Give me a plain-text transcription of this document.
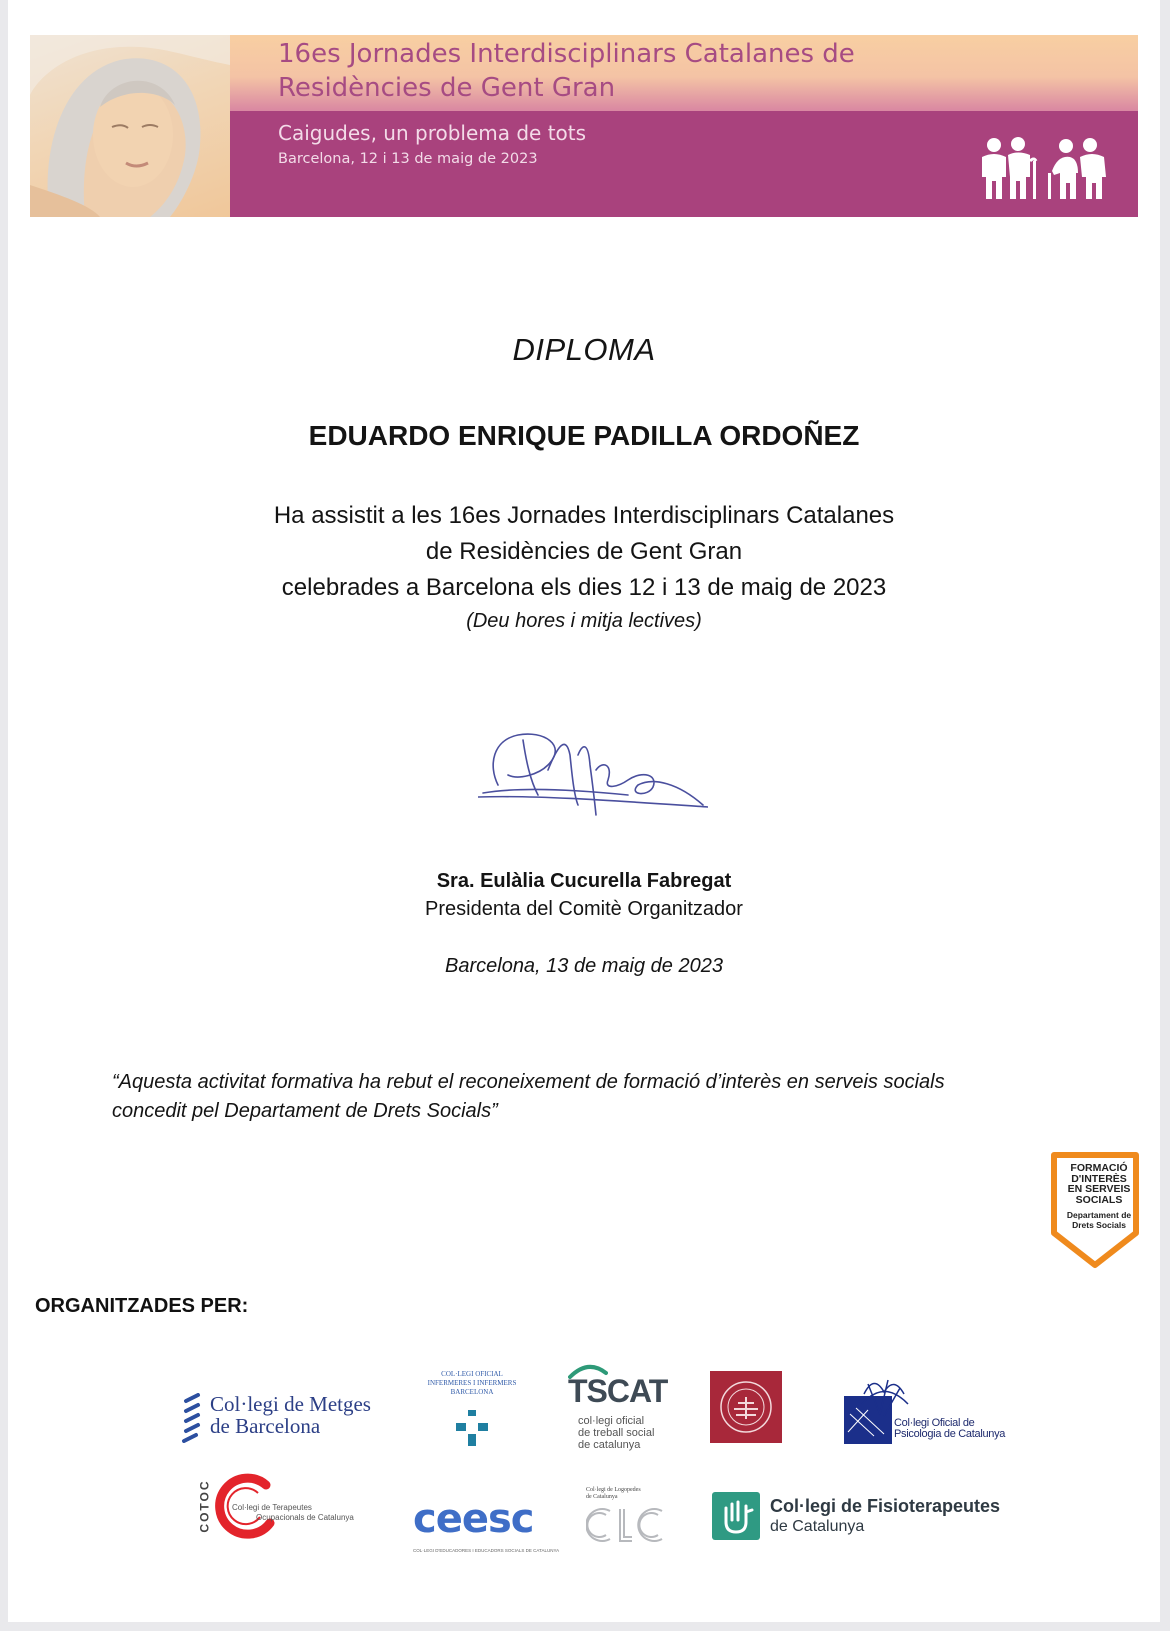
16es Jornades Interdisciplinars Catalanes de
Residències de Gent Gran
Caigudes, un problema de tots
Barcelona, 12 i 13 de maig de 2023
DIPLOMA
EDUARDO ENRIQUE PADILLA ORDOÑEZ
Ha assistit a les 16es Jornades Interdisciplinars Catalanes
de Residències de Gent Gran
celebrades a Barcelona els dies 12 i 13 de maig de 2023
(Deu hores i mitja lectives)
Sra. Eulàlia Cucurella Fabregat
Presidenta del Comitè Organitzador
Barcelona, 13 de maig de 2023
“Aquesta activitat formativa ha rebut el reconeixement de formació d’interès en serveis socials
concedit pel Departament de Drets Socials”
FORMACIÓ
D'INTERÈS
EN SERVEIS
SOCIALS
Departament de
Drets Socials
ORGANITZADES PER:
Col·legi de Metges
de Barcelona
COL·LEGI OFICIAL
INFERMERES I INFERMERS
BARCELONA	TSCAT
col·legi oficial
de treball social
de catalunya
Col·legi Oficial de
Psicologia de Catalunya
COTOC	Col·legi de Terapeutes
Ocupacionals de Catalunya ceesc
COL·LEGI D'EDUCADORES I EDUCADORS SOCIALS DE CATALUNYA
Col·legi de Logopedes
de Catalunya	Col·legi de Fisioterapeutes
de Catalunya
